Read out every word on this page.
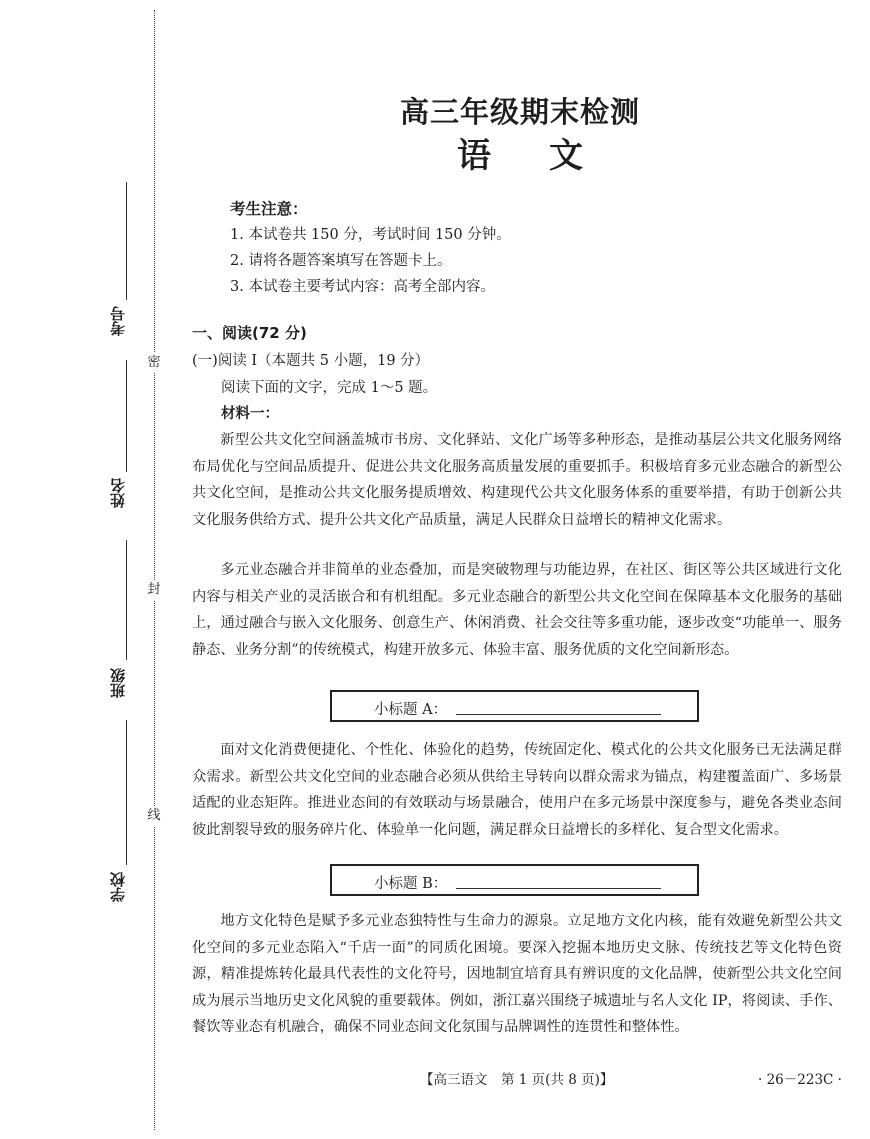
密
封
线
考号
姓名
班级
学校
高三年级期末检测
语文
考生注意：
1. 本试卷共 150 分，考试时间 150 分钟。
2. 请将各题答案填写在答题卡上。
3. 本试卷主要考试内容：高考全部内容。
一、阅读(72 分)
(一)阅读 I（本题共 5 小题，19 分）
阅读下面的文字，完成 1～5 题。
材料一：
新型公共文化空间涵盖城市书房、文化驿站、文化广场等多种形态，是推动基层公共文化服务网络布局优化与空间品质提升、促进公共文化服务高质量发展的重要抓手。积极培育多元业态融合的新型公共文化空间，是推动公共文化服务提质增效、构建现代公共文化服务体系的重要举措，有助于创新公共文化服务供给方式、提升公共文化产品质量，满足人民群众日益增长的精神文化需求。
多元业态融合并非简单的业态叠加，而是突破物理与功能边界，在社区、街区等公共区域进行文化内容与相关产业的灵活嵌合和有机组配。多元业态融合的新型公共文化空间在保障基本文化服务的基础上，通过融合与嵌入文化服务、创意生产、休闲消费、社会交往等多重功能，逐步改变“功能单一、服务静态、业务分割”的传统模式，构建开放多元、体验丰富、服务优质的文化空间新形态。
小标题 A：
面对文化消费便捷化、个性化、体验化的趋势，传统固定化、模式化的公共文化服务已无法满足群众需求。新型公共文化空间的业态融合必须从供给主导转向以群众需求为锚点，构建覆盖面广、多场景适配的业态矩阵。推进业态间的有效联动与场景融合，使用户在多元场景中深度参与，避免各类业态间彼此割裂导致的服务碎片化、体验单一化问题，满足群众日益增长的多样化、复合型文化需求。
小标题 B：
地方文化特色是赋予多元业态独特性与生命力的源泉。立足地方文化内核，能有效避免新型公共文化空间的多元业态陷入“千店一面”的同质化困境。要深入挖掘本地历史文脉、传统技艺等文化特色资源，精准提炼转化最具代表性的文化符号，因地制宜培育具有辨识度的文化品牌，使新型公共文化空间成为展示当地历史文化风貌的重要载体。例如，浙江嘉兴围绕子城遗址与名人文化 IP，将阅读、手作、餐饮等业态有机融合，确保不同业态间文化氛围与品牌调性的连贯性和整体性。
【高三语文　第 1 页(共 8 页)】	· 26－223C ·
